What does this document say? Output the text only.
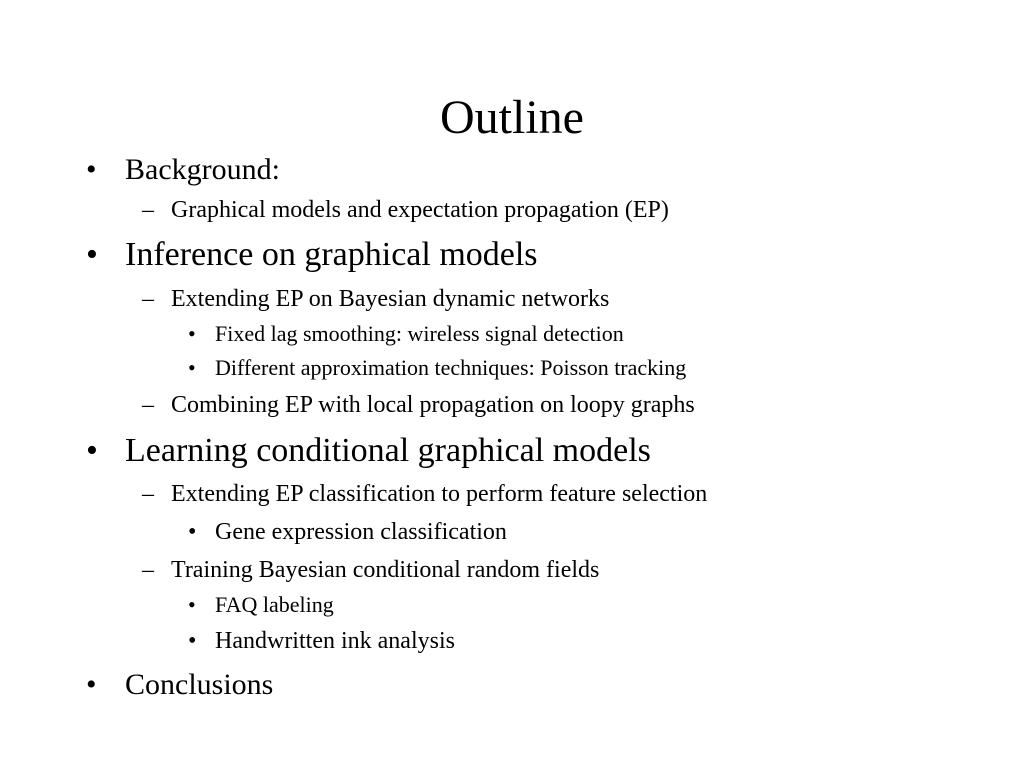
Outline
• Background:
– Graphical models and expectation propagation (EP)
• Inference on graphical models
– Extending EP on Bayesian dynamic networks
• Fixed lag smoothing: wireless signal detection
• Different approximation techniques: Poisson tracking
– Combining EP with local propagation on loopy graphs
• Learning conditional graphical models
– Extending EP classification to perform feature selection
• Gene expression classification
– Training Bayesian conditional random fields
• FAQ labeling
• Handwritten ink analysis
• Conclusions
